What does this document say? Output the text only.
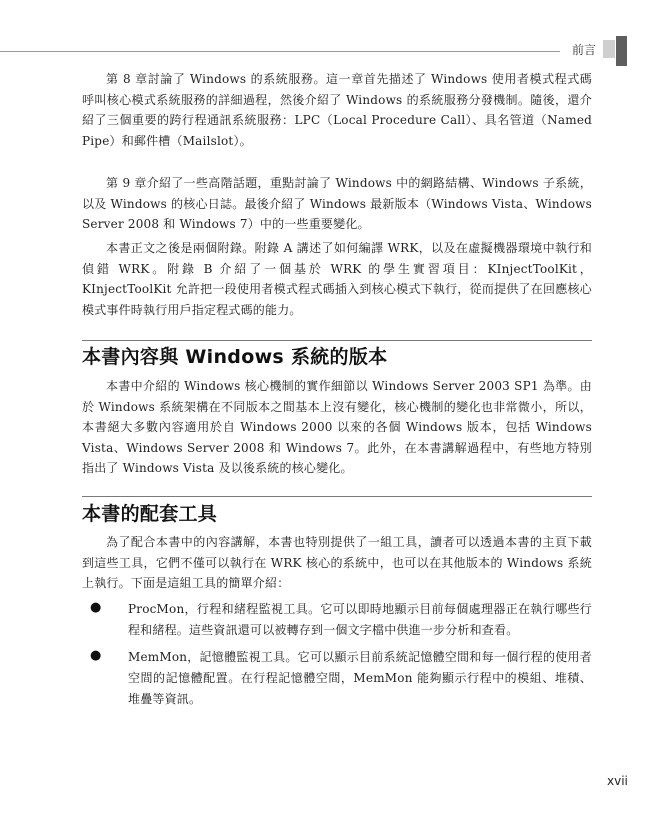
前言

第 8 章討論了 Windows 的系統服務。這一章首先描述了 Windows 使用者模式程式碼呼叫核心模式系統服務的詳細過程，然後介紹了 Windows 的系統服務分發機制。隨後，還介紹了三個重要的跨行程通訊系統服務：LPC（Local Procedure Call）、具名管道（Named Pipe）和郵件槽（Mailslot）。

第 9 章介紹了一些高階話題，重點討論了 Windows 中的網路結構、Windows 子系統，以及 Windows 的核心日誌。最後介紹了 Windows 最新版本（Windows Vista、Windows Server 2008 和 Windows 7）中的一些重要變化。

本書正文之後是兩個附錄。附錄 A 講述了如何編譯 WRK，以及在虛擬機器環境中執行和偵錯 WRK。附錄 B 介紹了一個基於 WRK 的學生實習項目：KInjectToolKit，KInjectToolKit 允許把一段使用者模式程式碼插入到核心模式下執行，從而提供了在回應核心模式事件時執行用戶指定程式碼的能力。

本書內容與 Windows 系統的版本

本書中介紹的 Windows 核心機制的實作細節以 Windows Server 2003 SP1 為準。由於 Windows 系統架構在不同版本之間基本上沒有變化，核心機制的變化也非常微小，所以，本書絕大多數內容適用於自 Windows 2000 以來的各個 Windows 版本，包括 Windows Vista、Windows Server 2008 和 Windows 7。此外，在本書講解過程中，有些地方特別指出了 Windows Vista 及以後系統的核心變化。

本書的配套工具

為了配合本書中的內容講解，本書也特別提供了一組工具，讀者可以透過本書的主頁下載到這些工具，它們不僅可以執行在 WRK 核心的系統中，也可以在其他版本的 Windows 系統上執行。下面是這組工具的簡單介紹：

● ProcMon，行程和緒程監視工具。它可以即時地顯示目前每個處理器正在執行哪些行程和緒程。這些資訊還可以被轉存到一個文字檔中供進一步分析和查看。

● MemMon，記憶體監視工具。它可以顯示目前系統記憶體空間和每一個行程的使用者空間的記憶體配置。在行程記憶體空間，MemMon 能夠顯示行程中的模組、堆積、堆疊等資訊。

xvii
